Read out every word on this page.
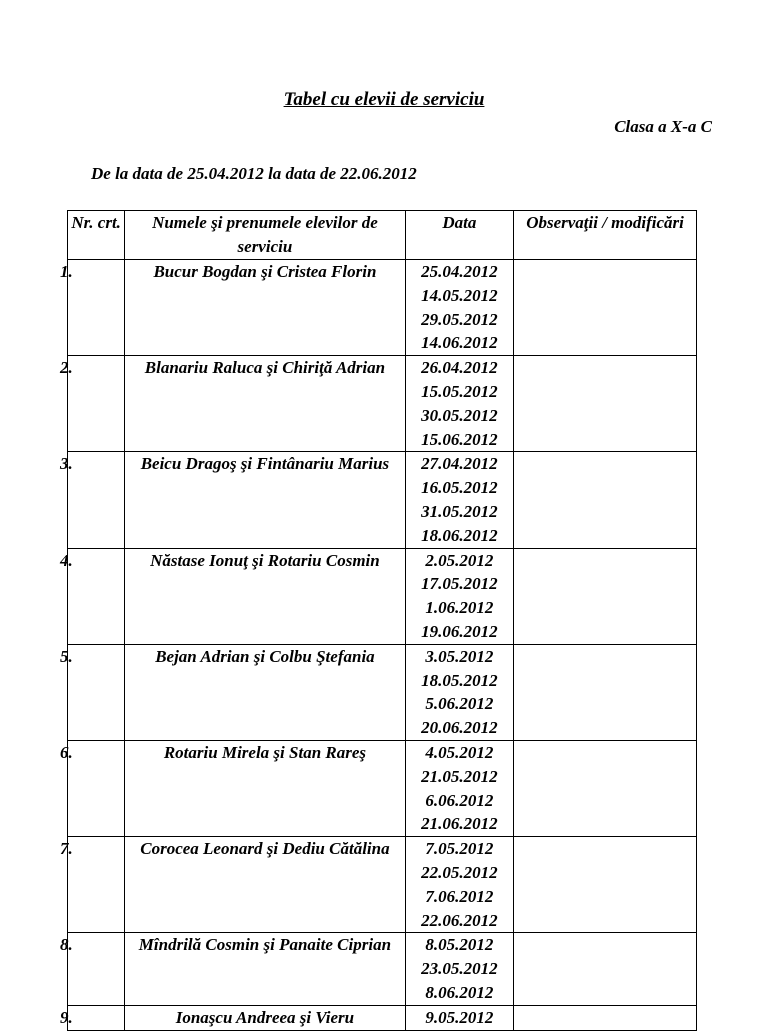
Tabel cu elevii de serviciu
Clasa a X-a C
De la data de 25.04.2012 la data de 22.06.2012
Nr. crt.	Numele şi prenumele elevilor de serviciu	Data	Observaţii / modificări

1.	Bucur Bogdan şi Cristea Florin	25.04.2012
14.05.2012
29.05.2012
14.06.2012	

2.	Blanariu Raluca şi Chiriţă Adrian	26.04.2012
15.05.2012
30.05.2012
15.06.2012	

3.	Beicu Dragoş şi Fintânariu Marius	27.04.2012
16.05.2012
31.05.2012
18.06.2012	

4.	Năstase Ionuţ şi Rotariu Cosmin	2.05.2012
17.05.2012
1.06.2012
19.06.2012	

5.	Bejan Adrian şi Colbu Ştefania	3.05.2012
18.05.2012
5.06.2012
20.06.2012	

6.	Rotariu Mirela şi Stan Rareş	4.05.2012
21.05.2012
6.06.2012
21.06.2012	

7.	Corocea Leonard şi Dediu Cătălina	7.05.2012
22.05.2012
7.06.2012
22.06.2012	

8.	Mîndrilă Cosmin şi Panaite Ciprian	8.05.2012
23.05.2012
8.06.2012	

9.	Ionaşcu Andreea şi Vieru	9.05.2012	
